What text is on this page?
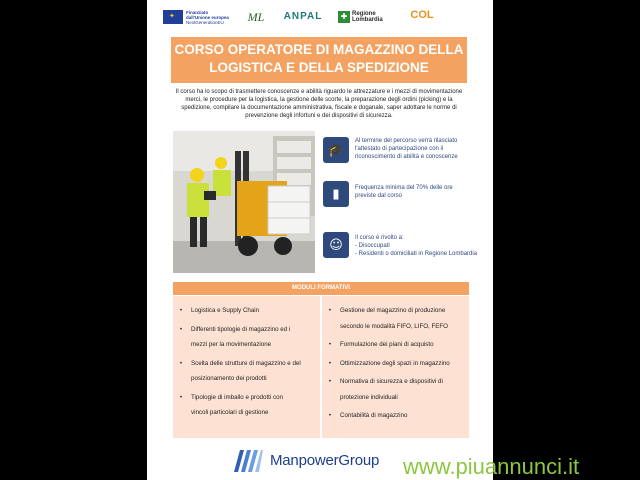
✦
Finanziato
dall'Unione europea
NextGenerationEU	ML	ANPAL	✚ Regione
Lombardia	COL
CORSO OPERATORE DI MAGAZZINO DELLA
LOGISTICA E DELLA SPEDIZIONE
Il corso ha lo scopo di trasmettere conoscenze e abilità riguardo le attrezzature e i mezzi di movimentazione
merci, le procedure per la logistica, la gestione delle scorte, la preparazione degli ordini (picking) e la
spedizione, compilare la documentazione amministrativa, fiscale e doganale, saper adottare le norme di
prevenzione degli infortuni e dei dispositivi di sicurezza.
🎓
Al termine del percorso verrà rilasciato
l'attestato di partecipazione con il
riconoscimento di abilità e conoscenze
▮	Frequenza minima del 70% delle ore
previste dal corso
☺	Il corso è rivolto a:
- Disoccupati
- Residenti o domiciliati in Regione Lombardia
MODULI FORMATIVI
•	Logistica e Supply Chain
•	Differenti tipologie di magazzino ed i
mezzi per la movimentazione
•	Scelta delle strutture di magazzino e del
posizionamento dei prodotti
•	Tipologie di imballo e prodotti con
vincoli particolari di gestione
•	Gestione del magazzino di produzione
secondo le modalità FIFO, LIFO, FEFO
•	Formulazione dei piani di acquisto
•	Ottimizzazione degli spazi in magazzino
•	Normativa di sicurezza e dispositivi di
protezione individuali
•	Contabilità di magazzino
ManpowerGroup www.piuannunci.it
